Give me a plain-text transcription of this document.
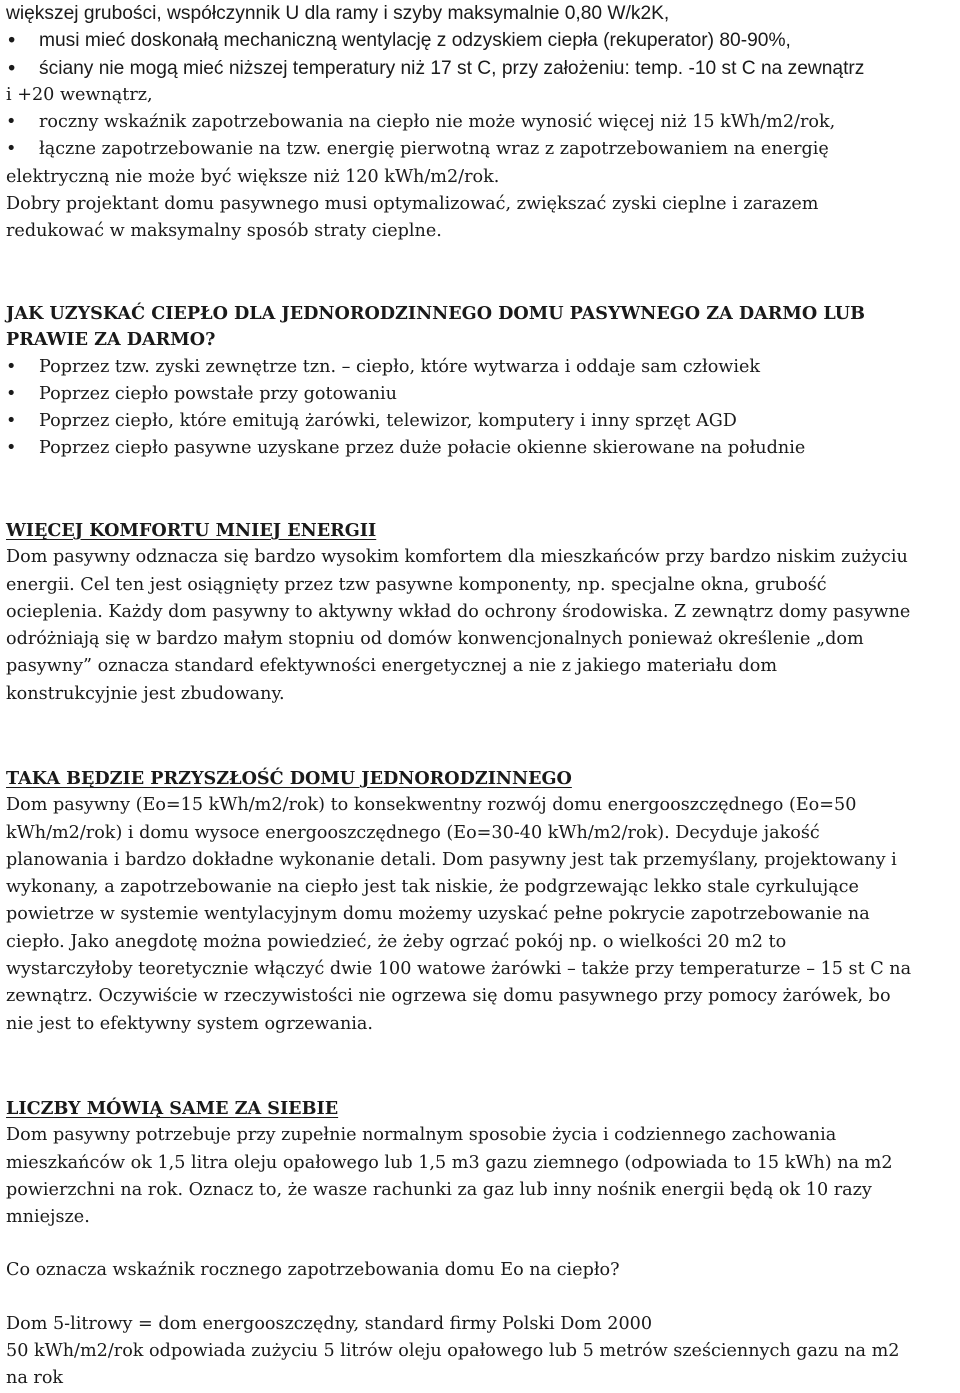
większej grubości, współczynnik U dla ramy i szyby maksymalnie 0,80 W/k2K,

• musi mieć doskonałą mechaniczną wentylację z odzyskiem ciepła (rekuperator) 80-90%,

• ściany nie mogą mieć niższej temperatury niż 17 st C, przy założeniu: temp. -10 st C na zewnątrz

i +20 wewnątrz,

• roczny wskaźnik zapotrzebowania na ciepło nie może wynosić więcej niż 15 kWh/m2/rok,

• łączne zapotrzebowanie na tzw. energię pierwotną wraz z zapotrzebowaniem na energię

elektryczną nie może być większe niż 120 kWh/m2/rok.

Dobry projektant domu pasywnego musi optymalizować, zwiększać zyski cieplne i zarazem

redukować w maksymalny sposób straty cieplne.

JAK UZYSKAĆ CIEPŁO DLA JEDNORODZINNEGO DOMU PASYWNEGO ZA DARMO LUB

PRAWIE ZA DARMO?

• Poprzez tzw. zyski zewnętrze tzn. – ciepło, które wytwarza i oddaje sam człowiek

• Poprzez ciepło powstałe przy gotowaniu

• Poprzez ciepło, które emitują żarówki, telewizor, komputery i inny sprzęt AGD

• Poprzez ciepło pasywne uzyskane przez duże połacie okienne skierowane na południe

WIĘCEJ KOMFORTU MNIEJ ENERGII

Dom pasywny odznacza się bardzo wysokim komfortem dla mieszkańców przy bardzo niskim zużyciu

energii. Cel ten jest osiągnięty przez tzw pasywne komponenty, np. specjalne okna, grubość

ocieplenia. Każdy dom pasywny to aktywny wkład do ochrony środowiska. Z zewnątrz domy pasywne

odróżniają się w bardzo małym stopniu od domów konwencjonalnych ponieważ określenie „dom

pasywny” oznacza standard efektywności energetycznej a nie z jakiego materiału dom

konstrukcyjnie jest zbudowany.

TAKA BĘDZIE PRZYSZŁOŚĆ DOMU JEDNORODZINNEGO

Dom pasywny (Eo=15 kWh/m2/rok) to konsekwentny rozwój domu energooszczędnego (Eo=50

kWh/m2/rok) i domu wysoce energooszczędnego (Eo=30-40 kWh/m2/rok). Decyduje jakość

planowania i bardzo dokładne wykonanie detali. Dom pasywny jest tak przemyślany, projektowany i

wykonany, a zapotrzebowanie na ciepło jest tak niskie, że podgrzewając lekko stale cyrkulujące

powietrze w systemie wentylacyjnym domu możemy uzyskać pełne pokrycie zapotrzebowanie na

ciepło. Jako anegdotę można powiedzieć, że żeby ogrzać pokój np. o wielkości 20 m2 to

wystarczyłoby teoretycznie włączyć dwie 100 watowe żarówki – także przy temperaturze – 15 st C na

zewnątrz. Oczywiście w rzeczywistości nie ogrzewa się domu pasywnego przy pomocy żarówek, bo

nie jest to efektywny system ogrzewania.

LICZBY MÓWIĄ SAME ZA SIEBIE

Dom pasywny potrzebuje przy zupełnie normalnym sposobie życia i codziennego zachowania

mieszkańców ok 1,5 litra oleju opałowego lub 1,5 m3 gazu ziemnego (odpowiada to 15 kWh) na m2

powierzchni na rok. Oznacz to, że wasze rachunki za gaz lub inny nośnik energii będą ok 10 razy

mniejsze.

Co oznacza wskaźnik rocznego zapotrzebowania domu Eo na ciepło?

Dom 5-litrowy = dom energooszczędny, standard firmy Polski Dom 2000

50 kWh/m2/rok odpowiada zużyciu 5 litrów oleju opałowego lub 5 metrów sześciennych gazu na m2

na rok
